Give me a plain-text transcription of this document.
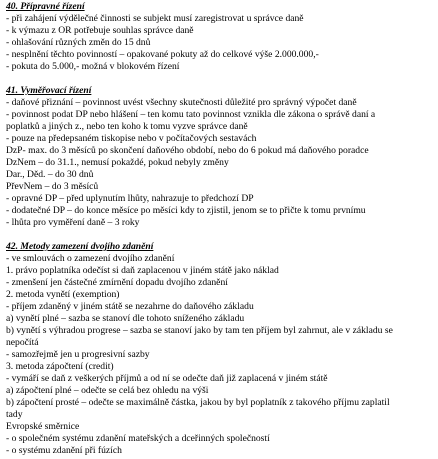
40. Přípravné řízení
- při zahájení výdělečné činnosti se subjekt musí zaregistrovat u správce daně
- k výmazu z OR potřebuje souhlas správce daně
- ohlašování různých změn do 15 dnů
- nesplnění těchto povinností – opakované pokuty až do celkové výše 2.000.000,-
- pokuta do 5.000,- možná v blokovém řízení
41. Vyměřovací řízení
- daňové přiznání – povinnost uvést všechny skutečnosti důležité pro správný výpočet daně
- povinnost podat DP nebo hlášení – ten komu tato povinnost vznikla dle zákona o správě daní a
poplatků a jiných z., nebo ten koho k tomu vyzve správce daně
- pouze na předepsaném tiskopise nebo v počítačových sestavách
DzP- max. do 3 měsíců po skončení daňového období, nebo do 6 pokud má daňového poradce
DzNem – do 31.1., nemusí pokaždé, pokud nebyly změny
Dar., Děd. – do 30 dnů
PřevNem – do 3 měsíců
- opravné DP – před uplynutím lhůty, nahrazuje to předchozí DP
- dodatečné DP – do konce měsíce po měsíci kdy to zjistil, jenom se to přičte k tomu prvnímu
- lhůta pro vyměření daně – 3 roky
42. Metody zamezení dvojího zdanění
- ve smlouvách o zamezení dvojího zdanění
1. právo poplatníka odečíst si daň zaplacenou v jiném státě jako náklad
- zmenšení jen částečné zmírnění dopadu dvojího zdanění
2. metoda vynětí (exemption)
- příjem zdaněný v jiném státě se nezahrne do daňového základu
a) vynětí plné – sazba se stanoví dle tohoto sníženého základu
b) vynětí s výhradou progrese – sazba se stanoví jako by tam ten příjem byl zahrnut, ale v základu se
nepočítá
- samozřejmě jen u progresivní sazby
3. metoda zápočtení (credit)
- vymáří se daň z veškerých příjmů a od ní se odečte daň již zaplacená v jiném státě
a) zápočtení plné – odečte se celá bez ohledu na výši
b) zápočtení prosté – odečte se maximálně částka, jakou by byl poplatník z takového příjmu zaplatil
tady
Evropské směrnice
- o společném systému zdanění mateřských a dceřinných společností
- o systému zdanění při fúzích
